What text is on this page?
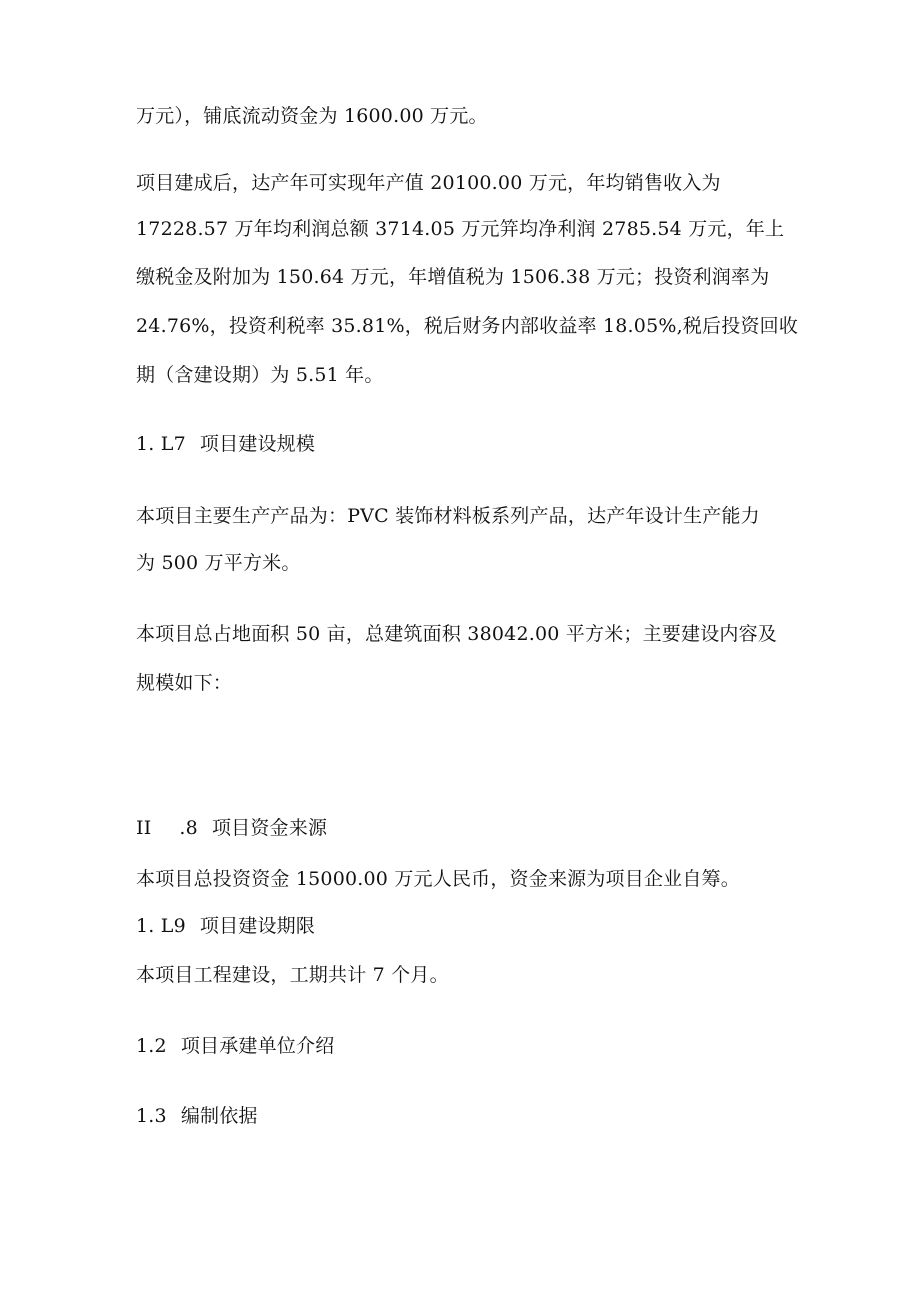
万元），铺底流动资金为 1600.00 万元。
项目建成后，达产年可实现年产值 20100.00 万元，年均销售收入为
17228.57 万年均利润总额 3714.05 万元笄均净利润 2785.54 万元，年上
缴税金及附加为 150.64 万元，年增值税为 1506.38 万元；投资利润率为
24.76%，投资利税率 35.81%，税后财务内部收益率 18.05%,税后投资回收
期（含建设期）为 5.51 年。
1. L7 项目建设规模
本项目主要生产产品为：PVC 装饰材料板系列产品，达产年设计生产能力
为 500 万平方米。
本项目总占地面积 50 亩，总建筑面积 38042.00 平方米；主要建设内容及
规模如下：
II .8 项目资金来源
本项目总投资资金 15000.00 万元人民币，资金来源为项目企业自筹。
1. L9 项目建设期限
本项目工程建设，工期共计 7 个月。
1.2 项目承建单位介绍
1.3 编制依据
